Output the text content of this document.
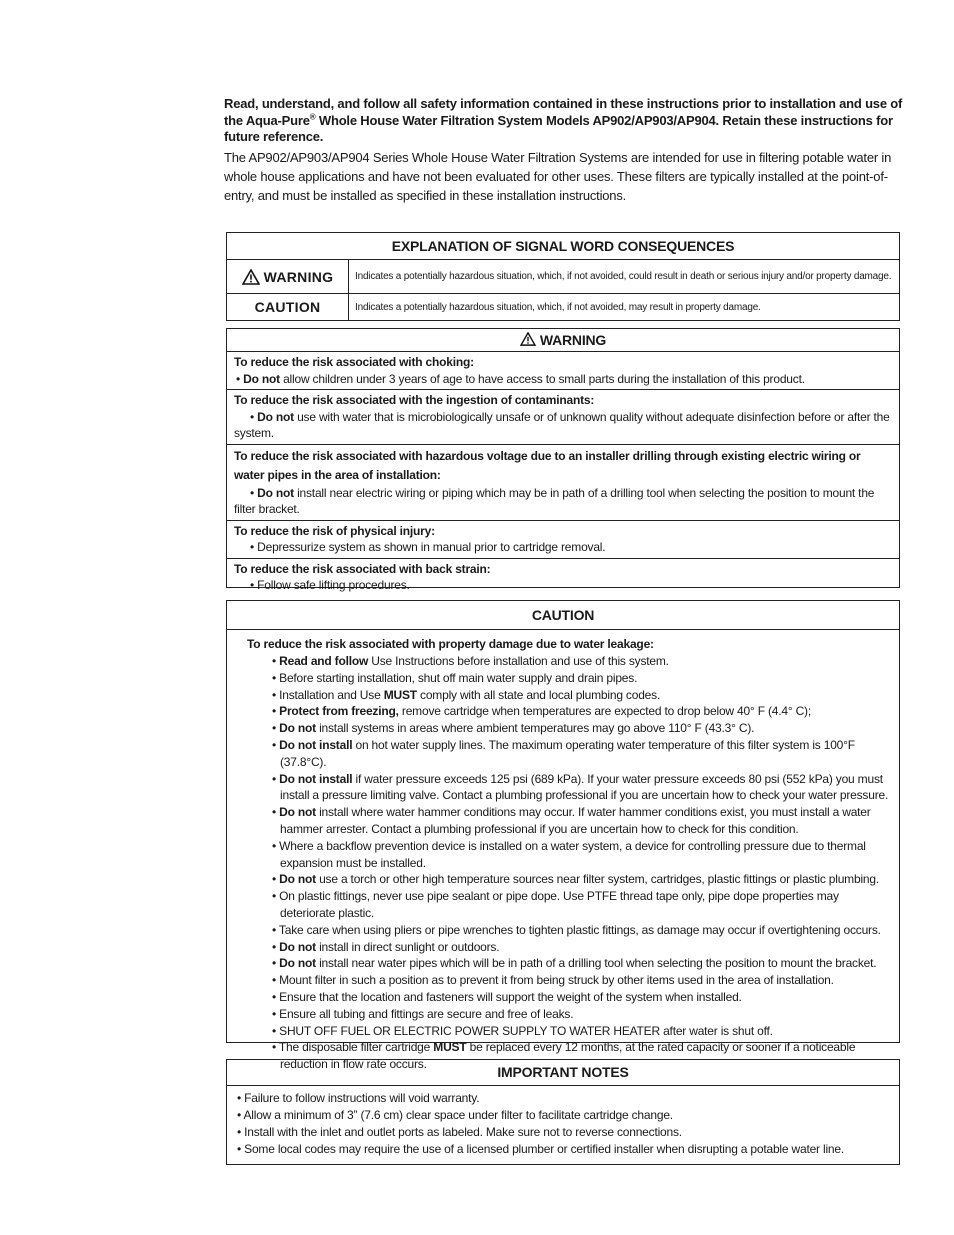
Read, understand, and follow all safety information contained in these instructions prior to installation and use of the Aqua-Pure® Whole House Water Filtration System Models AP902/AP903/AP904. Retain these instructions for future reference.

The AP902/AP903/AP904 Series Whole House Water Filtration Systems are intended for use in filtering potable water in whole house applications and have not been evaluated for other uses. These filters are typically installed at the point-of-entry, and must be installed as specified in these installation instructions.

EXPLANATION OF SIGNAL WORD CONSEQUENCES
WARNING	Indicates a potentially hazardous situation, which, if not avoided, could result in death or serious injury and/or property damage.
CAUTION	Indicates a potentially hazardous situation, which, if not avoided, may result in property damage.
WARNING
To reduce the risk associated with choking:
• Do not allow children under 3 years of age to have access to small parts during the installation of this product.
To reduce the risk associated with the ingestion of contaminants:
• Do not use with water that is microbiologically unsafe or of unknown quality without adequate disinfection before or after the system.
To reduce the risk associated with hazardous voltage due to an installer drilling through existing electric wiring or water pipes in the area of installation:
• Do not install near electric wiring or piping which may be in path of a drilling tool when selecting the position to mount the filter bracket.
To reduce the risk of physical injury:
• Depressurize system as shown in manual prior to cartridge removal.
To reduce the risk associated with back strain:
• Follow safe lifting procedures.
CAUTION
To reduce the risk associated with property damage due to water leakage:
• Read and follow Use Instructions before installation and use of this system.
• Before starting installation, shut off main water supply and drain pipes.
• Installation and Use MUST comply with all state and local plumbing codes.
• Protect from freezing, remove cartridge when temperatures are expected to drop below 40° F (4.4° C);
• Do not install systems in areas where ambient temperatures may go above 110° F (43.3° C).
• Do not install on hot water supply lines. The maximum operating water temperature of this filter system is 100°F (37.8°C).
• Do not install if water pressure exceeds 125 psi (689 kPa). If your water pressure exceeds 80 psi (552 kPa) you must install a pressure limiting valve. Contact a plumbing professional if you are uncertain how to check your water pressure.
• Do not install where water hammer conditions may occur. If water hammer conditions exist, you must install a water hammer arrester. Contact a plumbing professional if you are uncertain how to check for this condition.
• Where a backflow prevention device is installed on a water system, a device for controlling pressure due to thermal expansion must be installed.
• Do not use a torch or other high temperature sources near filter system, cartridges, plastic fittings or plastic plumbing.
• On plastic fittings, never use pipe sealant or pipe dope. Use PTFE thread tape only, pipe dope properties may deteriorate plastic.
• Take care when using pliers or pipe wrenches to tighten plastic fittings, as damage may occur if overtightening occurs.
• Do not install in direct sunlight or outdoors.
• Do not install near water pipes which will be in path of a drilling tool when selecting the position to mount the bracket.
• Mount filter in such a position as to prevent it from being struck by other items used in the area of installation.
• Ensure that the location and fasteners will support the weight of the system when installed.
• Ensure all tubing and fittings are secure and free of leaks.
• SHUT OFF FUEL OR ELECTRIC POWER SUPPLY TO WATER HEATER after water is shut off.
• The disposable filter cartridge MUST be replaced every 12 months, at the rated capacity or sooner if a noticeable reduction in flow rate occurs.	IMPORTANT NOTES
• Failure to follow instructions will void warranty.
• Allow a minimum of 3” (7.6 cm) clear space under filter to facilitate cartridge change.
• Install with the inlet and outlet ports as labeled. Make sure not to reverse connections.
• Some local codes may require the use of a licensed plumber or certified installer when disrupting a potable water line.
